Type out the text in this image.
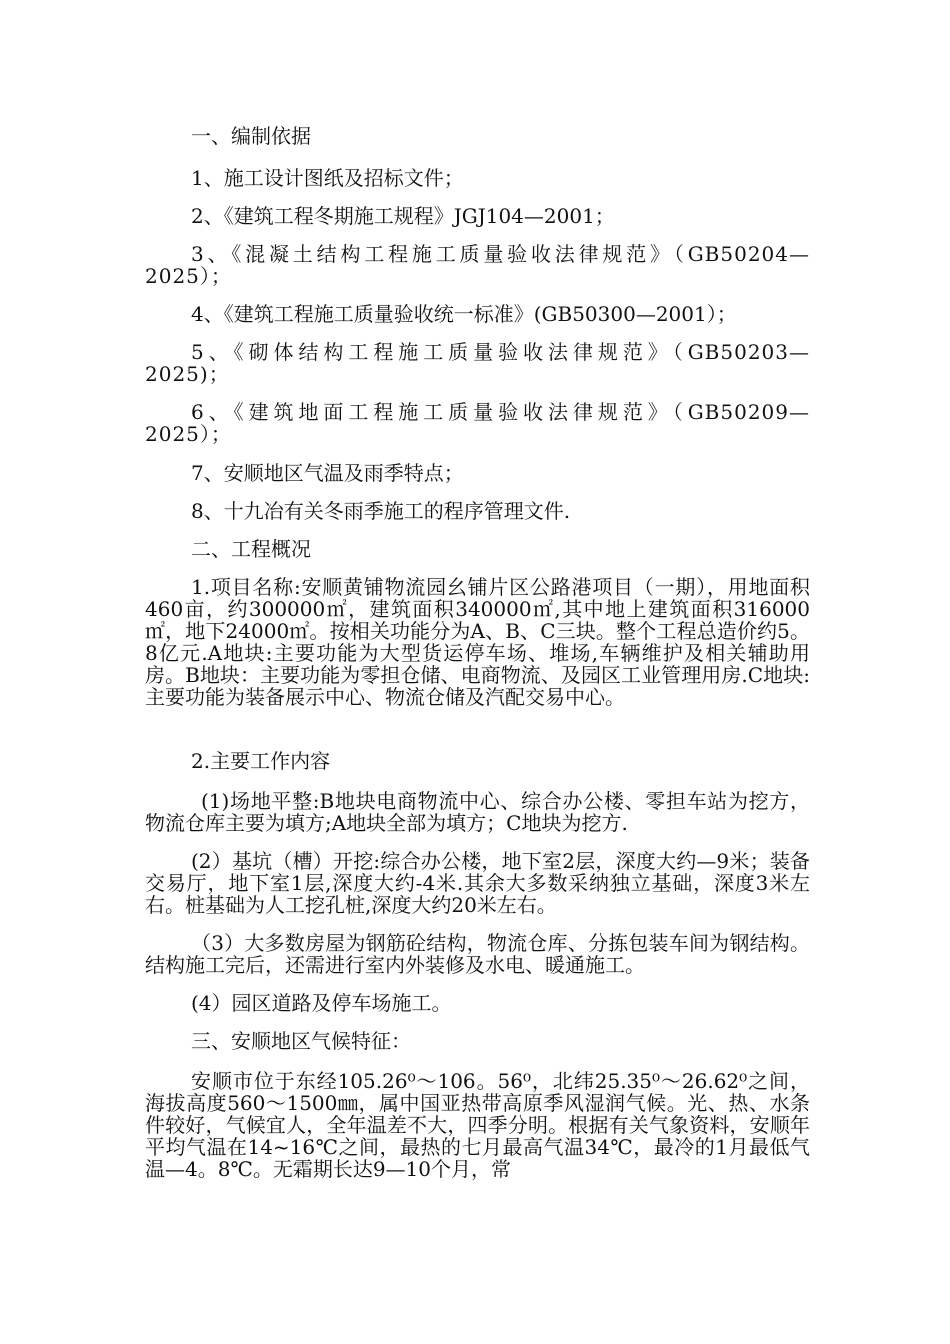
一、编制依据

1、施工设计图纸及招标文件；

2、《建筑工程冬期施工规程》JGJ104—2001；

3、《混凝土结构工程施工质量验收法律规范》（GB50204—2025）；

4、《建筑工程施工质量验收统一标准》(GB50300—2001）；

5、《砌体结构工程施工质量验收法律规范》（GB50203—2025)；

6、《建筑地面工程施工质量验收法律规范》（GB50209—2025）；

7、安顺地区气温及雨季特点；

8、十九冶有关冬雨季施工的程序管理文件.

二、工程概况

1.项目名称:安顺黄铺物流园幺铺片区公路港项目（一期），用地面积460亩，约300000㎡，建筑面积340000㎡,其中地上建筑面积316000㎡，地下24000㎡。按相关功能分为A、B、C三块。整个工程总造价约5。8亿元.A地块:主要功能为大型货运停车场、堆场,车辆维护及相关辅助用房。B地块：主要功能为零担仓储、电商物流、及园区工业管理用房.C地块:主要功能为装备展示中心、物流仓储及汽配交易中心。

2.主要工作内容

(1)场地平整:B地块电商物流中心、综合办公楼、零担车站为挖方，物流仓库主要为填方;A地块全部为填方；C地块为挖方.

(2）基坑（槽）开挖:综合办公楼，地下室2层，深度大约—9米；装备交易厅，地下室1层,深度大约-4米.其余大多数采纳独立基础，深度3米左右。桩基础为人工挖孔桩,深度大约20米左右。

（3）大多数房屋为钢筋砼结构，物流仓库、分拣包装车间为钢结构。结构施工完后，还需进行室内外装修及水电、暖通施工。

(4）园区道路及停车场施工。

三、安顺地区气候特征：

安顺市位于东经105.26⁰～106。56⁰，北纬25.35⁰～26.62⁰之间，海拔高度560～1500㎜，属中国亚热带高原季风湿润气候。光、热、水条件较好，气候宜人，全年温差不大，四季分明。根据有关气象资料，安顺年平均气温在14~16℃之间，最热的七月最高气温34℃，最冷的1月最低气温—4。8℃。无霜期长达9—10个月，常
